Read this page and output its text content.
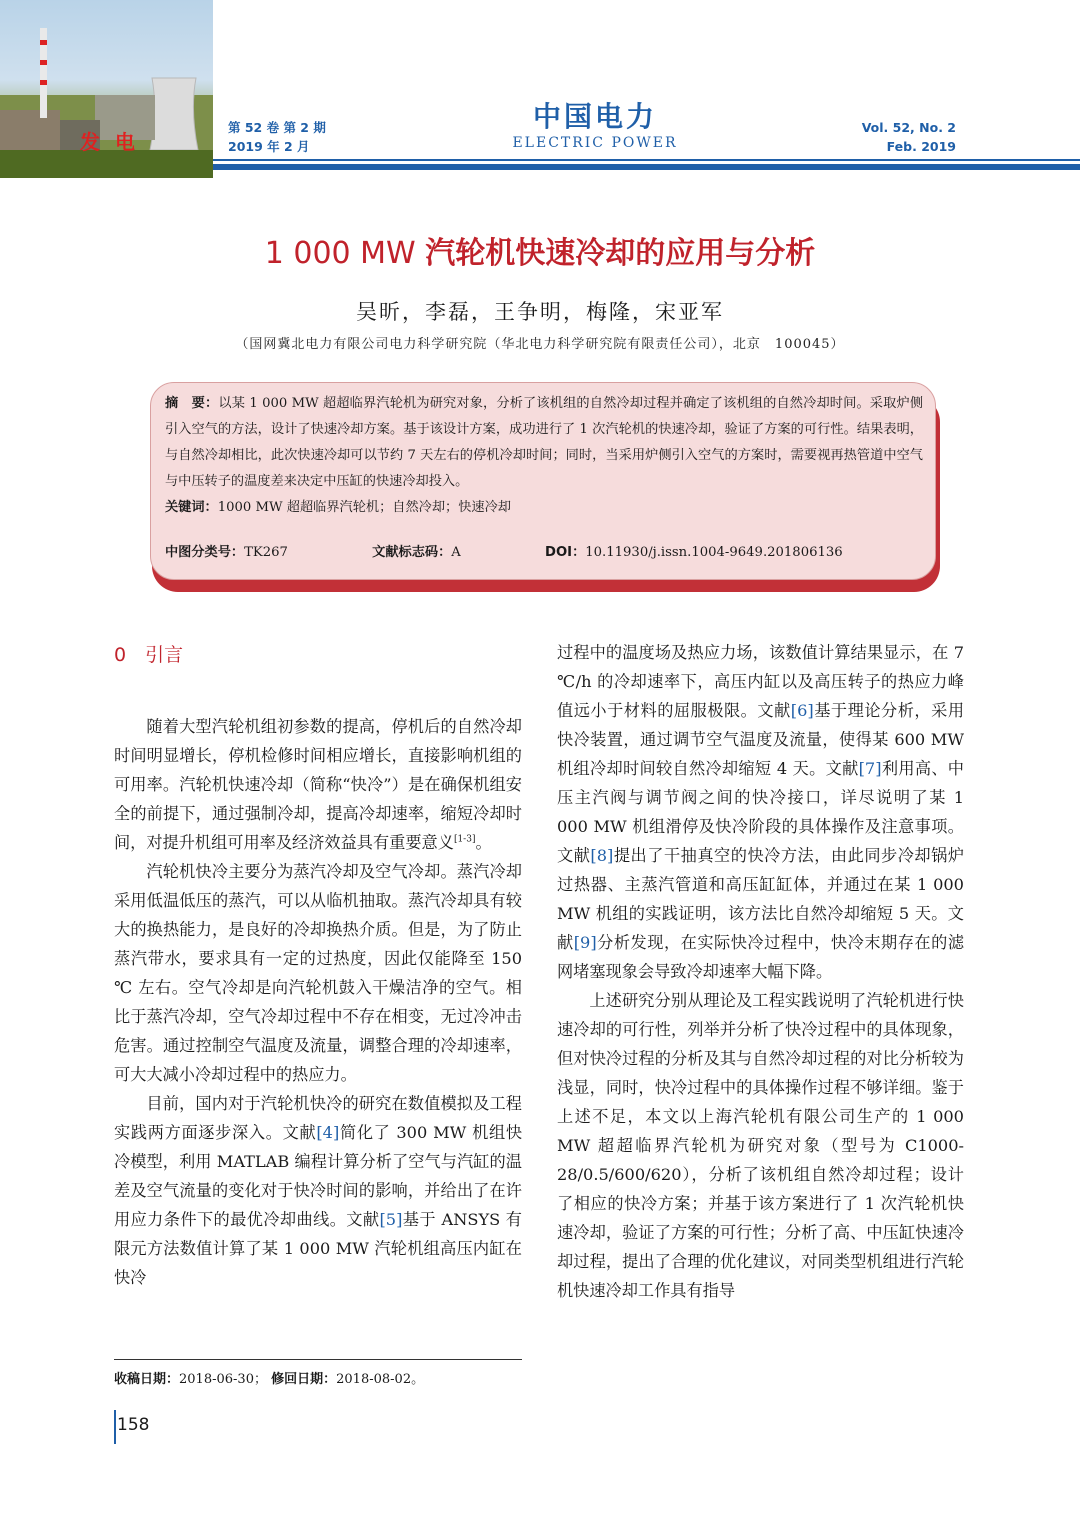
发 电
第 52 卷 第 2 期
2019 年 2 月
中国电力
ELECTRIC POWER
Vol. 52, No. 2
Feb. 2019
1 000 MW 汽轮机快速冷却的应用与分析
吴昕，李磊，王争明，梅隆，宋亚军
（国网冀北电力有限公司电力科学研究院（华北电力科学研究院有限责任公司），北京　100045）
摘　要：以某 1 000 MW 超超临界汽轮机为研究对象，分析了该机组的自然冷却过程并确定了该机组的自然冷却时间。采取炉侧引入空气的方法，设计了快速冷却方案。基于该设计方案，成功进行了 1 次汽轮机的快速冷却，验证了方案的可行性。结果表明，与自然冷却相比，此次快速冷却可以节约 7 天左右的停机冷却时间；同时，当采用炉侧引入空气的方案时，需要视再热管道中空气与中压转子的温度差来决定中压缸的快速冷却投入。
关键词：1000 MW 超超临界汽轮机；自然冷却；快速冷却
中图分类号：TK267	文献标志码：A	DOI：10.11930/j.issn.1004-9649.201806136
0　引言

随着大型汽轮机组初参数的提高，停机后的自然冷却时间明显增长，停机检修时间相应增长，直接影响机组的可用率。汽轮机快速冷却（简称“快冷”）是在确保机组安全的前提下，通过强制冷却，提高冷却速率，缩短冷却时间，对提升机组可用率及经济效益具有重要意义[1-3]。

汽轮机快冷主要分为蒸汽冷却及空气冷却。蒸汽冷却采用低温低压的蒸汽，可以从临机抽取。蒸汽冷却具有较大的换热能力，是良好的冷却换热介质。但是，为了防止蒸汽带水，要求具有一定的过热度，因此仅能降至 150 ℃ 左右。空气冷却是向汽轮机鼓入干燥洁净的空气。相比于蒸汽冷却，空气冷却过程中不存在相变，无过冷冲击危害。通过控制空气温度及流量，调整合理的冷却速率，可大大减小冷却过程中的热应力。

目前，国内对于汽轮机快冷的研究在数值模拟及工程实践两方面逐步深入。文献[4]简化了 300 MW 机组快冷模型，利用 MATLAB 编程计算分析了空气与汽缸的温差及空气流量的变化对于快冷时间的影响，并给出了在许用应力条件下的最优冷却曲线。文献[5]基于 ANSYS 有限元方法数值计算了某 1 000 MW 汽轮机组高压内缸在快冷

过程中的温度场及热应力场，该数值计算结果显示，在 7 ℃/h 的冷却速率下，高压内缸以及高压转子的热应力峰值远小于材料的屈服极限。文献[6]基于理论分析，采用快冷装置，通过调节空气温度及流量，使得某 600 MW 机组冷却时间较自然冷却缩短 4 天。文献[7]利用高、中压主汽阀与调节阀之间的快冷接口，详尽说明了某 1 000 MW 机组滑停及快冷阶段的具体操作及注意事项。文献[8]提出了干抽真空的快冷方法，由此同步冷却锅炉过热器、主蒸汽管道和高压缸缸体，并通过在某 1 000 MW 机组的实践证明，该方法比自然冷却缩短 5 天。文献[9]分析发现，在实际快冷过程中，快冷末期存在的滤网堵塞现象会导致冷却速率大幅下降。

上述研究分别从理论及工程实践说明了汽轮机进行快速冷却的可行性，列举并分析了快冷过程中的具体现象，但对快冷过程的分析及其与自然冷却过程的对比分析较为浅显，同时，快冷过程中的具体操作过程不够详细。鉴于上述不足，本文以上海汽轮机有限公司生产的 1 000 MW 超超临界汽轮机为研究对象（型号为 C1000-28/0.5/600/620），分析了该机组自然冷却过程；设计了相应的快冷方案；并基于该方案进行了 1 次汽轮机快速冷却，验证了方案的可行性；分析了高、中压缸快速冷却过程，提出了合理的优化建议，对同类型机组进行汽轮机快速冷却工作具有指导

收稿日期：2018-06-30； 修回日期：2018-08-02。
158
